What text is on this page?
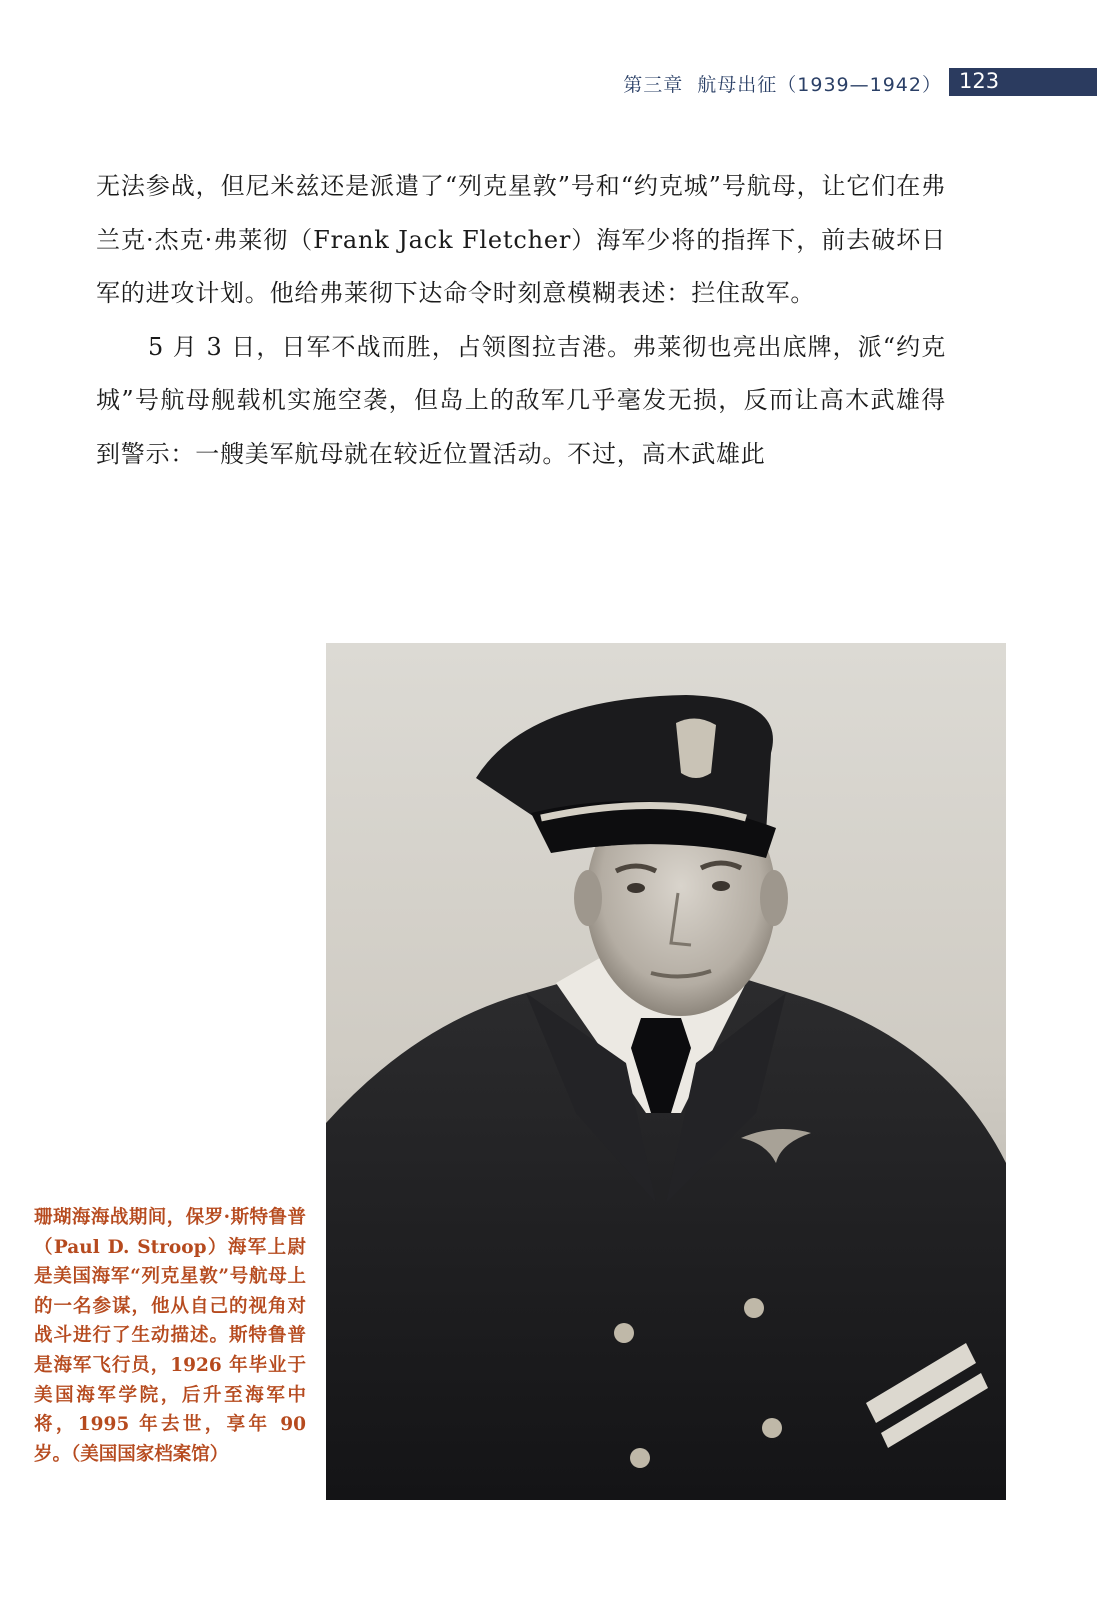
第三章 航母出征（1939—1942） 123

无法参战，但尼米兹还是派遣了“列克星敦”号和“约克城”号航母，让它们在弗兰克·杰克·弗莱彻（Frank Jack Fletcher）海军少将的指挥下，前去破坏日军的进攻计划。他给弗莱彻下达命令时刻意模糊表述：拦住敌军。

5 月 3 日，日军不战而胜，占领图拉吉港。弗莱彻也亮出底牌，派“约克城”号航母舰载机实施空袭，但岛上的敌军几乎毫发无损，反而让高木武雄得到警示：一艘美军航母就在较近位置活动。不过，高木武雄此

珊瑚海海战期间，保罗·斯特鲁普（Paul D. Stroop）海军上尉是美国海军“列克星敦”号航母上的一名参谋，他从自己的视角对战斗进行了生动描述。斯特鲁普是海军飞行员，1926 年毕业于美国海军学院，后升至海军中将，1995 年去世，享年 90 岁。（美国国家档案馆）
